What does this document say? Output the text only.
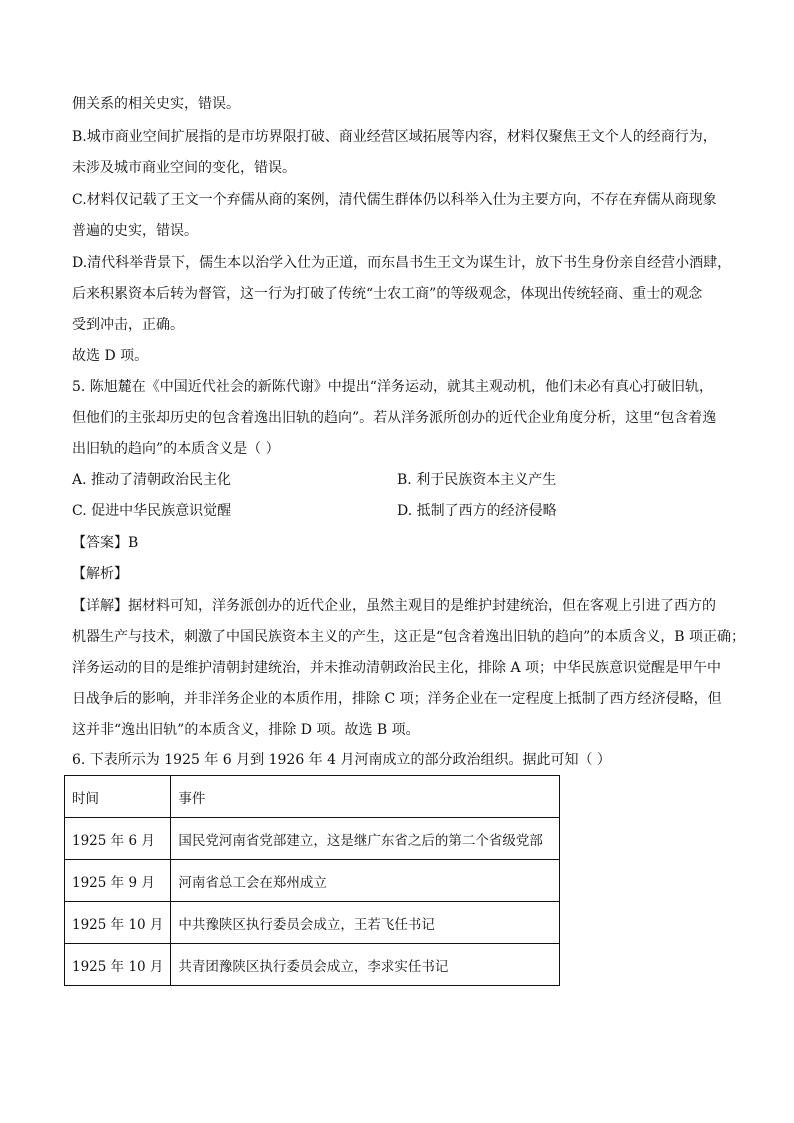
佣关系的相关史实，错误。
B.城市商业空间扩展指的是市坊界限打破、商业经营区域拓展等内容，材料仅聚焦王文个人的经商行为，
未涉及城市商业空间的变化，错误。
C.材料仅记载了王文一个弃儒从商的案例，清代儒生群体仍以科举入仕为主要方向，不存在弃儒从商现象
普遍的史实，错误。
D.清代科举背景下，儒生本以治学入仕为正道，而东昌书生王文为谋生计，放下书生身份亲自经营小酒肆，
后来积累资本后转为督管，这一行为打破了传统“士农工商”的等级观念，体现出传统轻商、重士的观念
受到冲击，正确。
故选 D 项。
5. 陈旭麓在《中国近代社会的新陈代谢》中提出“洋务运动，就其主观动机，他们未必有真心打破旧轨，
但他们的主张却历史的包含着逸出旧轨的趋向”。若从洋务派所创办的近代企业角度分析，这里“包含着逸
出旧轨的趋向”的本质含义是（ ）
A. 推动了清朝政治民主化	B. 利于民族资本主义产生
C. 促进中华民族意识觉醒	D. 抵制了西方的经济侵略
【答案】B
【解析】
【详解】据材料可知，洋务派创办的近代企业，虽然主观目的是维护封建统治，但在客观上引进了西方的
机器生产与技术，刺激了中国民族资本主义的产生，这正是“包含着逸出旧轨的趋向”的本质含义，B 项正确；
洋务运动的目的是维护清朝封建统治，并未推动清朝政治民主化，排除 A 项；中华民族意识觉醒是甲午中
日战争后的影响，并非洋务企业的本质作用，排除 C 项；洋务企业在一定程度上抵制了西方经济侵略，但
这并非“逸出旧轨”的本质含义，排除 D 项。故选 B 项。
6. 下表所示为 1925 年 6 月到 1926 年 4 月河南成立的部分政治组织。据此可知（ ）
时间	事件
1925 年 6 月	国民党河南省党部建立，这是继广东省之后的第二个省级党部
1925 年 9 月	河南省总工会在郑州成立
1925 年 10 月	中共豫陕区执行委员会成立，王若飞任书记
1925 年 10 月	共青团豫陕区执行委员会成立，李求实任书记
